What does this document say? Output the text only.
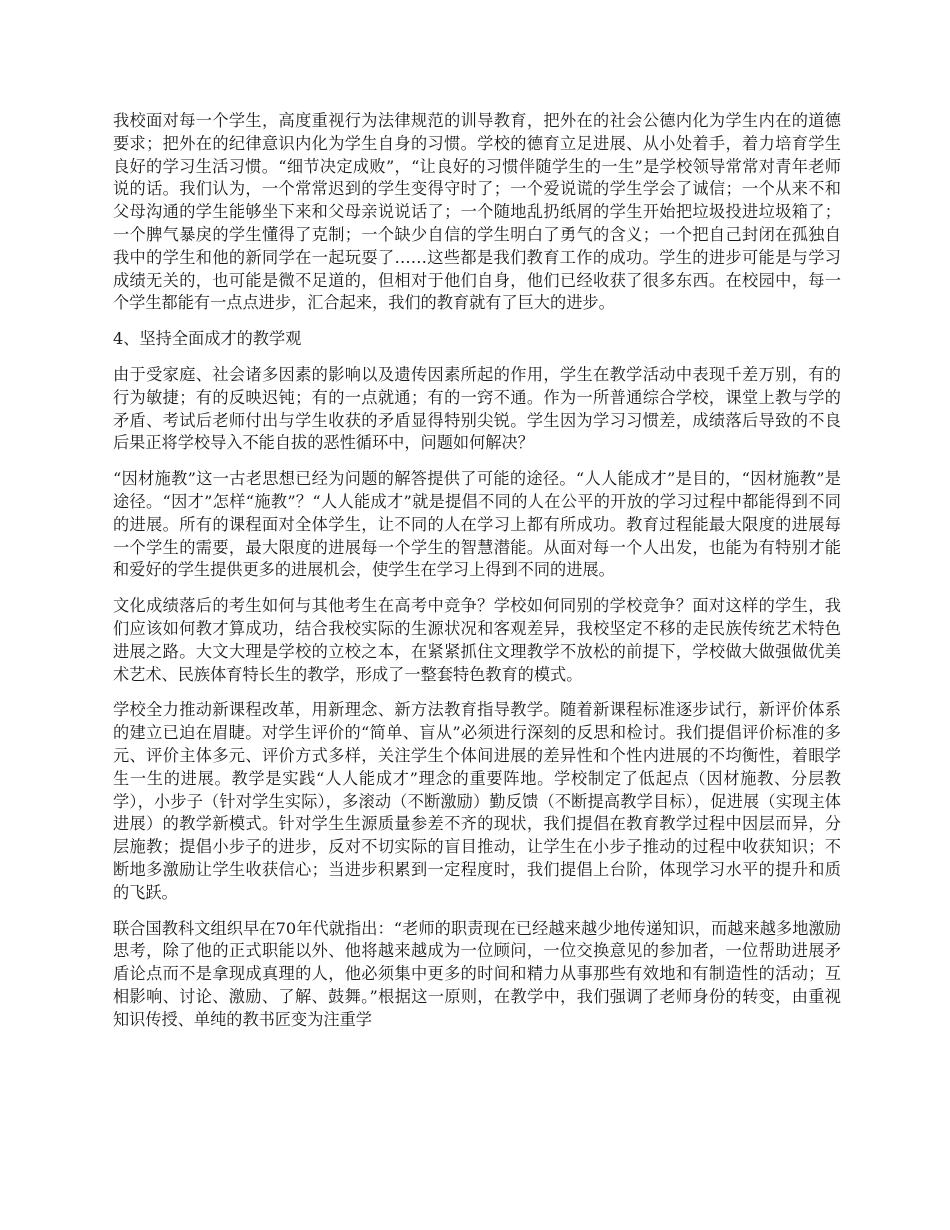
我校面对每一个学生，高度重视行为法律规范的训导教育，把外在的社会公德内化为学生内在的道德要求；把外在的纪律意识内化为学生自身的习惯。学校的德育立足进展、从小处着手，着力培育学生良好的学习生活习惯。“细节决定成败”，“让良好的习惯伴随学生的一生”是学校领导常常对青年老师说的话。我们认为，一个常常迟到的学生变得守时了；一个爱说谎的学生学会了诚信；一个从来不和父母沟通的学生能够坐下来和父母亲说说话了；一个随地乱扔纸屑的学生开始把垃圾投进垃圾箱了；一个脾气暴戾的学生懂得了克制；一个缺少自信的学生明白了勇气的含义；一个把自己封闭在孤独自我中的学生和他的新同学在一起玩耍了……这些都是我们教育工作的成功。学生的进步可能是与学习成绩无关的，也可能是微不足道的，但相对于他们自身，他们已经收获了很多东西。在校园中，每一个学生都能有一点点进步，汇合起来，我们的教育就有了巨大的进步。

4、坚持全面成才的教学观

由于受家庭、社会诸多因素的影响以及遗传因素所起的作用，学生在教学活动中表现千差万别，有的行为敏捷；有的反映迟钝；有的一点就通；有的一窍不通。作为一所普通综合学校，课堂上教与学的矛盾、考试后老师付出与学生收获的矛盾显得特别尖锐。学生因为学习习惯差，成绩落后导致的不良后果正将学校导入不能自拔的恶性循环中，问题如何解决？

“因材施教”这一古老思想已经为问题的解答提供了可能的途径。“人人能成才”是目的，“因材施教”是途径。“因才”怎样“施教”？“人人能成才”就是提倡不同的人在公平的开放的学习过程中都能得到不同的进展。所有的课程面对全体学生，让不同的人在学习上都有所成功。教育过程能最大限度的进展每一个学生的需要，最大限度的进展每一个学生的智慧潜能。从面对每一个人出发，也能为有特别才能和爱好的学生提供更多的进展机会，使学生在学习上得到不同的进展。

文化成绩落后的考生如何与其他考生在高考中竞争？学校如何同别的学校竞争？面对这样的学生，我们应该如何教才算成功，结合我校实际的生源状况和客观差异，我校坚定不移的走民族传统艺术特色进展之路。大文大理是学校的立校之本，在紧紧抓住文理教学不放松的前提下，学校做大做强做优美术艺术、民族体育特长生的教学，形成了一整套特色教育的模式。

学校全力推动新课程改革，用新理念、新方法教育指导教学。随着新课程标准逐步试行，新评价体系的建立已迫在眉睫。对学生评价的“简单、盲从”必须进行深刻的反思和检讨。我们提倡评价标准的多元、评价主体多元、评价方式多样，关注学生个体间进展的差异性和个性内进展的不均衡性，着眼学生一生的进展。教学是实践“人人能成才”理念的重要阵地。学校制定了低起点（因材施教、分层教学），小步子（针对学生实际），多滚动（不断激励）勤反馈（不断提高教学目标），促进展（实现主体进展）的教学新模式。针对学生生源质量参差不齐的现状，我们提倡在教育教学过程中因层而异，分层施教；提倡小步子的进步，反对不切实际的盲目推动，让学生在小步子推动的过程中收获知识；不断地多激励让学生收获信心；当进步积累到一定程度时，我们提倡上台阶，体现学习水平的提升和质的飞跃。

联合国教科文组织早在70年代就指出：“老师的职责现在已经越来越少地传递知识，而越来越多地激励思考，除了他的正式职能以外、他将越来越成为一位顾问，一位交换意见的参加者，一位帮助进展矛盾论点而不是拿现成真理的人，他必须集中更多的时间和精力从事那些有效地和有制造性的活动；互相影响、讨论、激励、了解、鼓舞。”根据这一原则，在教学中，我们强调了老师身份的转变，由重视知识传授、单纯的教书匠变为注重学
